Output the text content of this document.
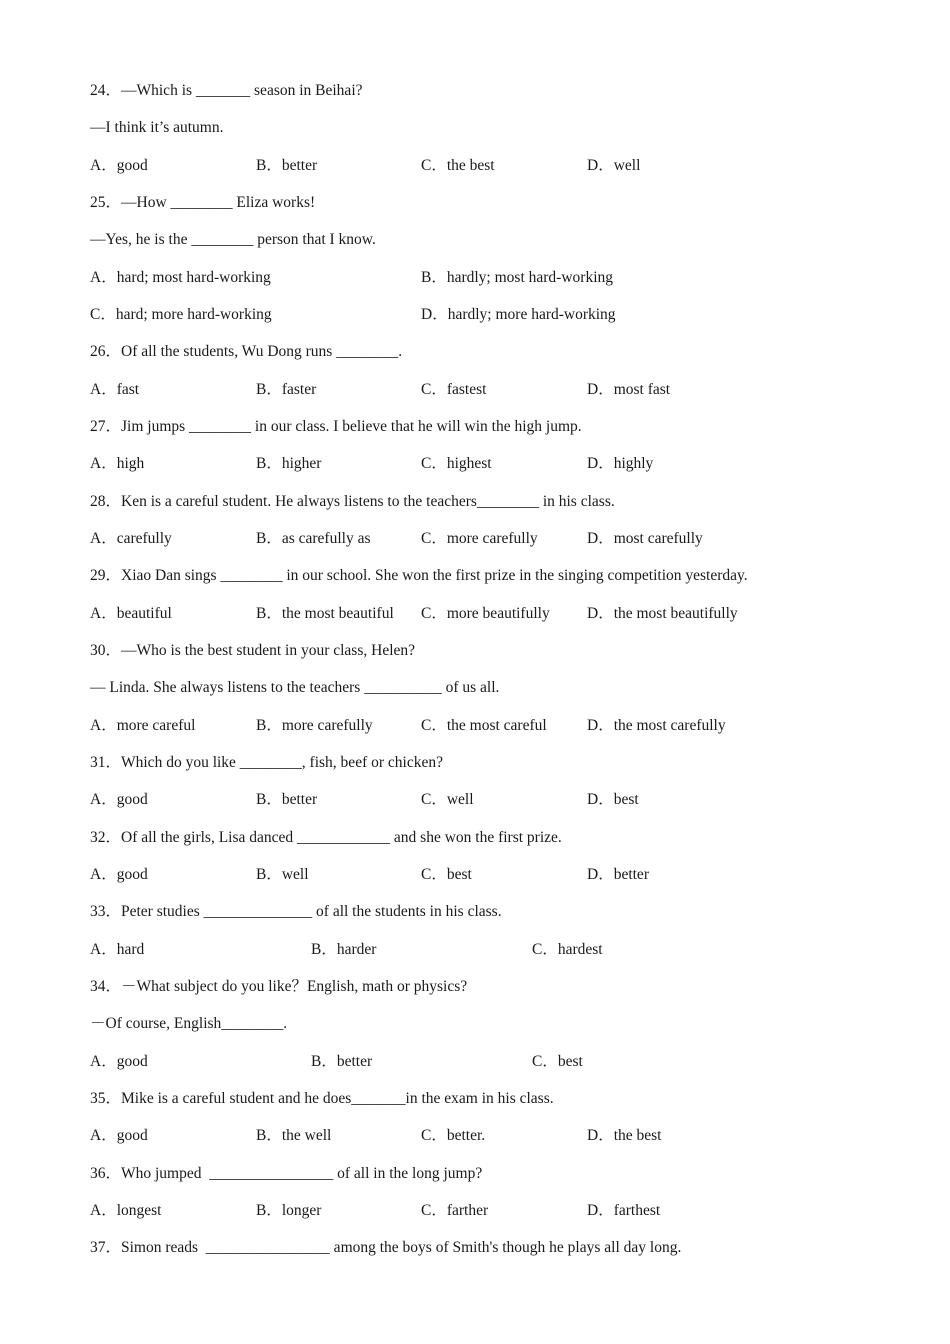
24．—Which is _______ season in Beihai?
—I think it’s autumn.
A．good	B．better	C．the best	D．well
25．—How ________ Eliza works!
—Yes, he is the ________ person that I know.
A．hard; most hard-working	B．hardly; most hard-working
C．hard; more hard-working	D．hardly; more hard-working
26．Of all the students, Wu Dong runs ________.
A．fast	B．faster	C．fastest	D．most fast
27．Jim jumps ________ in our class. I believe that he will win the high jump.
A．high	B．higher	C．highest	D．highly
28．Ken is a careful student. He always listens to the teachers________ in his class.
A．carefully	B．as carefully as	C．more carefully	D．most carefully
29．Xiao Dan sings ________ in our school. She won the first prize in the singing competition yesterday.
A．beautiful	B．the most beautiful C．more beautifully D．the most beautifully
30．—Who is the best student in your class, Helen?
— Linda. She always listens to the teachers __________ of us all.
A．more careful	B．more carefully	C．the most careful	D．the most carefully
31．Which do you like ________, fish, beef or chicken?
A．good	B．better	C．well	D．best
32．Of all the girls, Lisa danced ____________ and she won the first prize.
A．good	B．well	C．best	D．better
33．Peter studies ______________ of all the students in his class.
A．hard	B．harder	C．hardest
34．－What subject do you like？English, math or physics?
－Of course, English________.
A．good	B．better	C．best
35．Mike is a careful student and he does_______in the exam in his class.
A．good	B．the well	C．better.	D．the best
36．Who jumped  ________________ of all in the long jump?
A．longest	B．longer	C．farther	D．farthest
37．Simon reads  ________________ among the boys of Smith's though he plays all day long.
